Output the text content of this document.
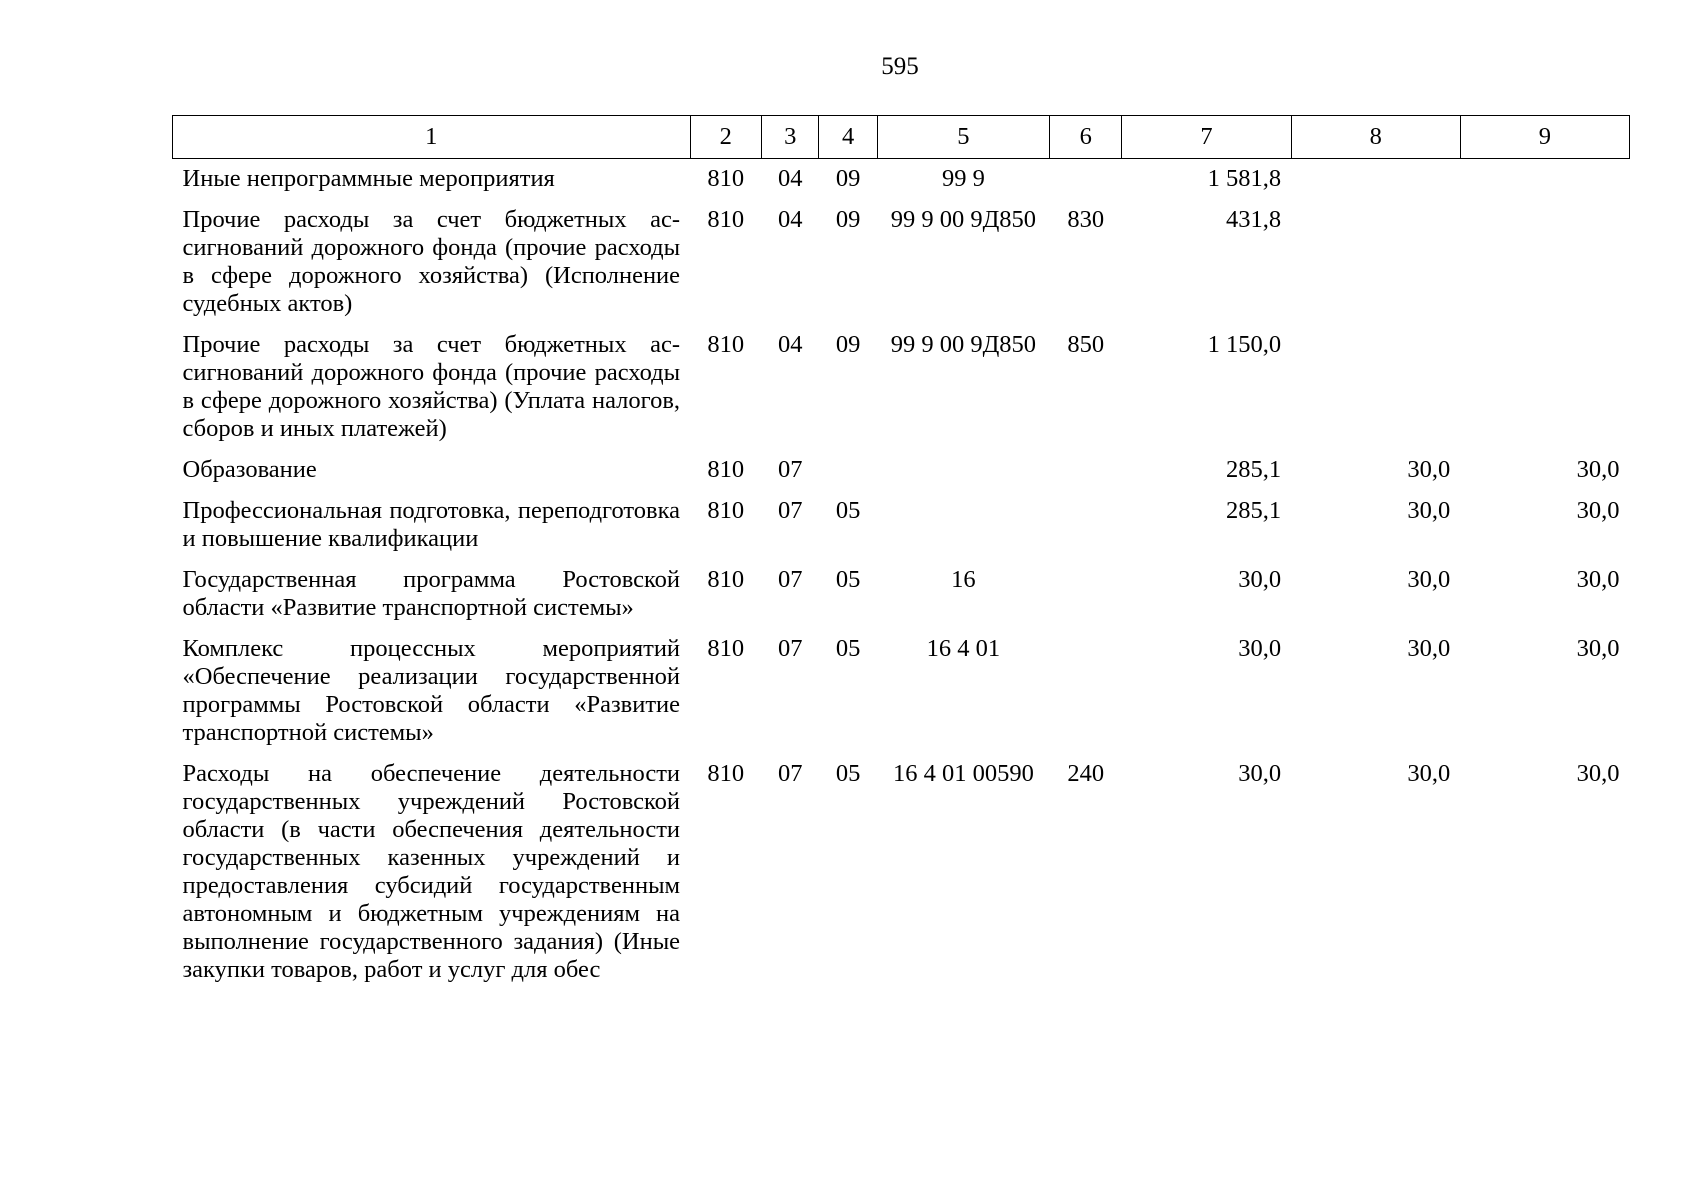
595
1	2	3	4	5	6	7	8	9
Иные непрограммные мероприятия	810	04	09	99 9		1 581,8		
Прочие расходы за счет бюджетных ассигнований дорожного фонда (прочие расходы в сфере дорожного хозяйства) (Исполнение судебных актов)	810	04	09	99 9 00 9Д850	830	431,8		
Прочие расходы за счет бюджетных ассигнований дорожного фонда (прочие расходы в сфере дорожного хозяйства) (Уплата налогов, сборов и иных платежей)	810	04	09	99 9 00 9Д850	850	1 150,0		
Образование	810	07				285,1	30,0	30,0
Профессиональная подготовка, переподготовка и повышение квалификации	810	07	05			285,1	30,0	30,0
Государственная программа Ростовской области «Развитие транспортной системы»	810	07	05	16		30,0	30,0	30,0
Комплекс процессных мероприятий «Обеспечение реализации государственной программы Ростовской области «Развитие транспортной системы»	810	07	05	16 4 01		30,0	30,0	30,0
Расходы на обеспечение деятельности государственных учреждений Ростовской области (в части обеспечения деятельности государственных казенных учреждений и предоставления субсидий государственным автономным и бюджетным учреждениям на выполнение государственного задания) (Иные закупки товаров, работ и услуг для обес	810	07	05	16 4 01 00590	240	30,0	30,0	30,0
